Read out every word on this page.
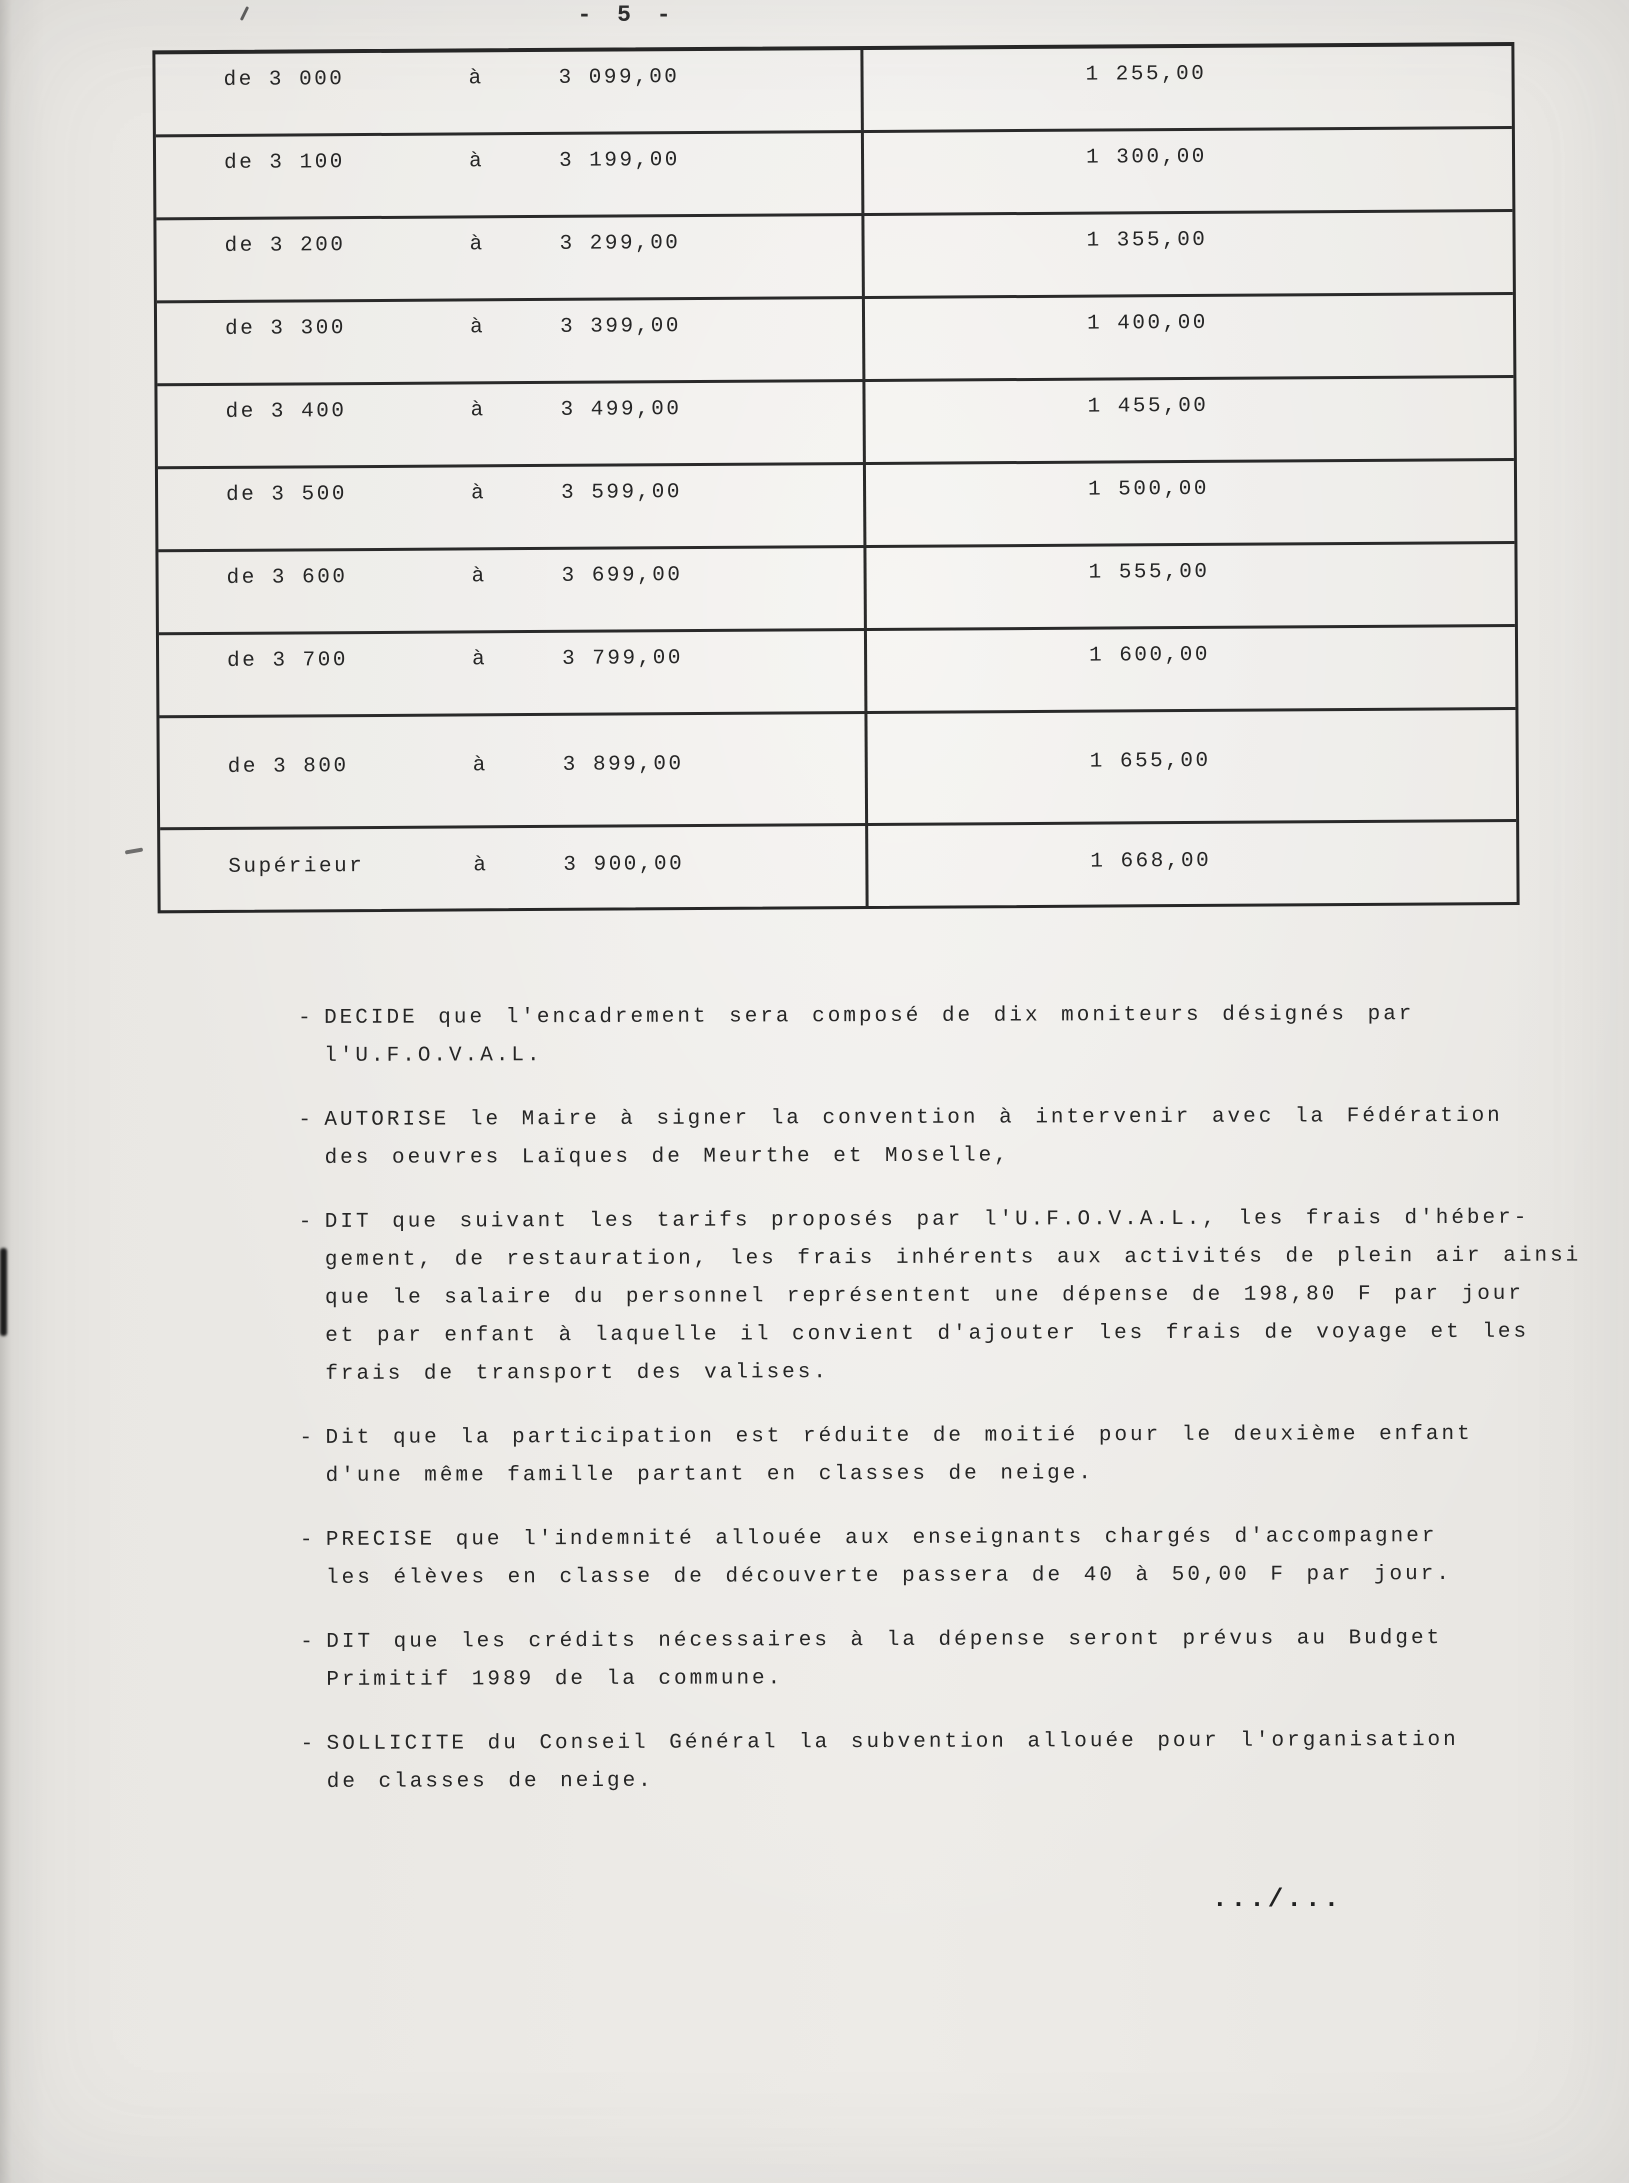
- 5 -
de 3 000	à	3 099,00	1 255,00
de 3 100	à	3 199,00	1 300,00
de 3 200	à	3 299,00	1 355,00
de 3 300	à	3 399,00	1 400,00
de 3 400	à	3 499,00	1 455,00
de 3 500	à	3 599,00	1 500,00
de 3 600	à	3 699,00	1 555,00
de 3 700	à	3 799,00	1 600,00
de 3 800	à	3 899,00	1 655,00
Supérieur	à	3 900,00	1 668,00
- DECIDE que l'encadrement sera composé de dix moniteurs désignés par
l'U.F.O.V.A.L.
- AUTORISE le Maire à signer la convention à intervenir avec la Fédération
des oeuvres Laïques de Meurthe et Moselle,
- DIT que suivant les tarifs proposés par l'U.F.O.V.A.L., les frais d'héber-
gement, de restauration, les frais inhérents aux activités de plein air ainsi
que le salaire du personnel représentent une dépense de 198,80 F par jour
et par enfant à laquelle il convient d'ajouter les frais de voyage et les
frais de transport des valises.
- Dit que la participation est réduite de moitié pour le deuxième enfant
d'une même famille partant en classes de neige.
- PRECISE que l'indemnité allouée aux enseignants chargés d'accompagner
les élèves en classe de découverte passera de 40 à 50,00 F par jour.
- DIT que les crédits nécessaires à la dépense seront prévus au Budget
Primitif 1989 de la commune.
- SOLLICITE du Conseil Général la subvention allouée pour l'organisation
de classes de neige.
.../...
